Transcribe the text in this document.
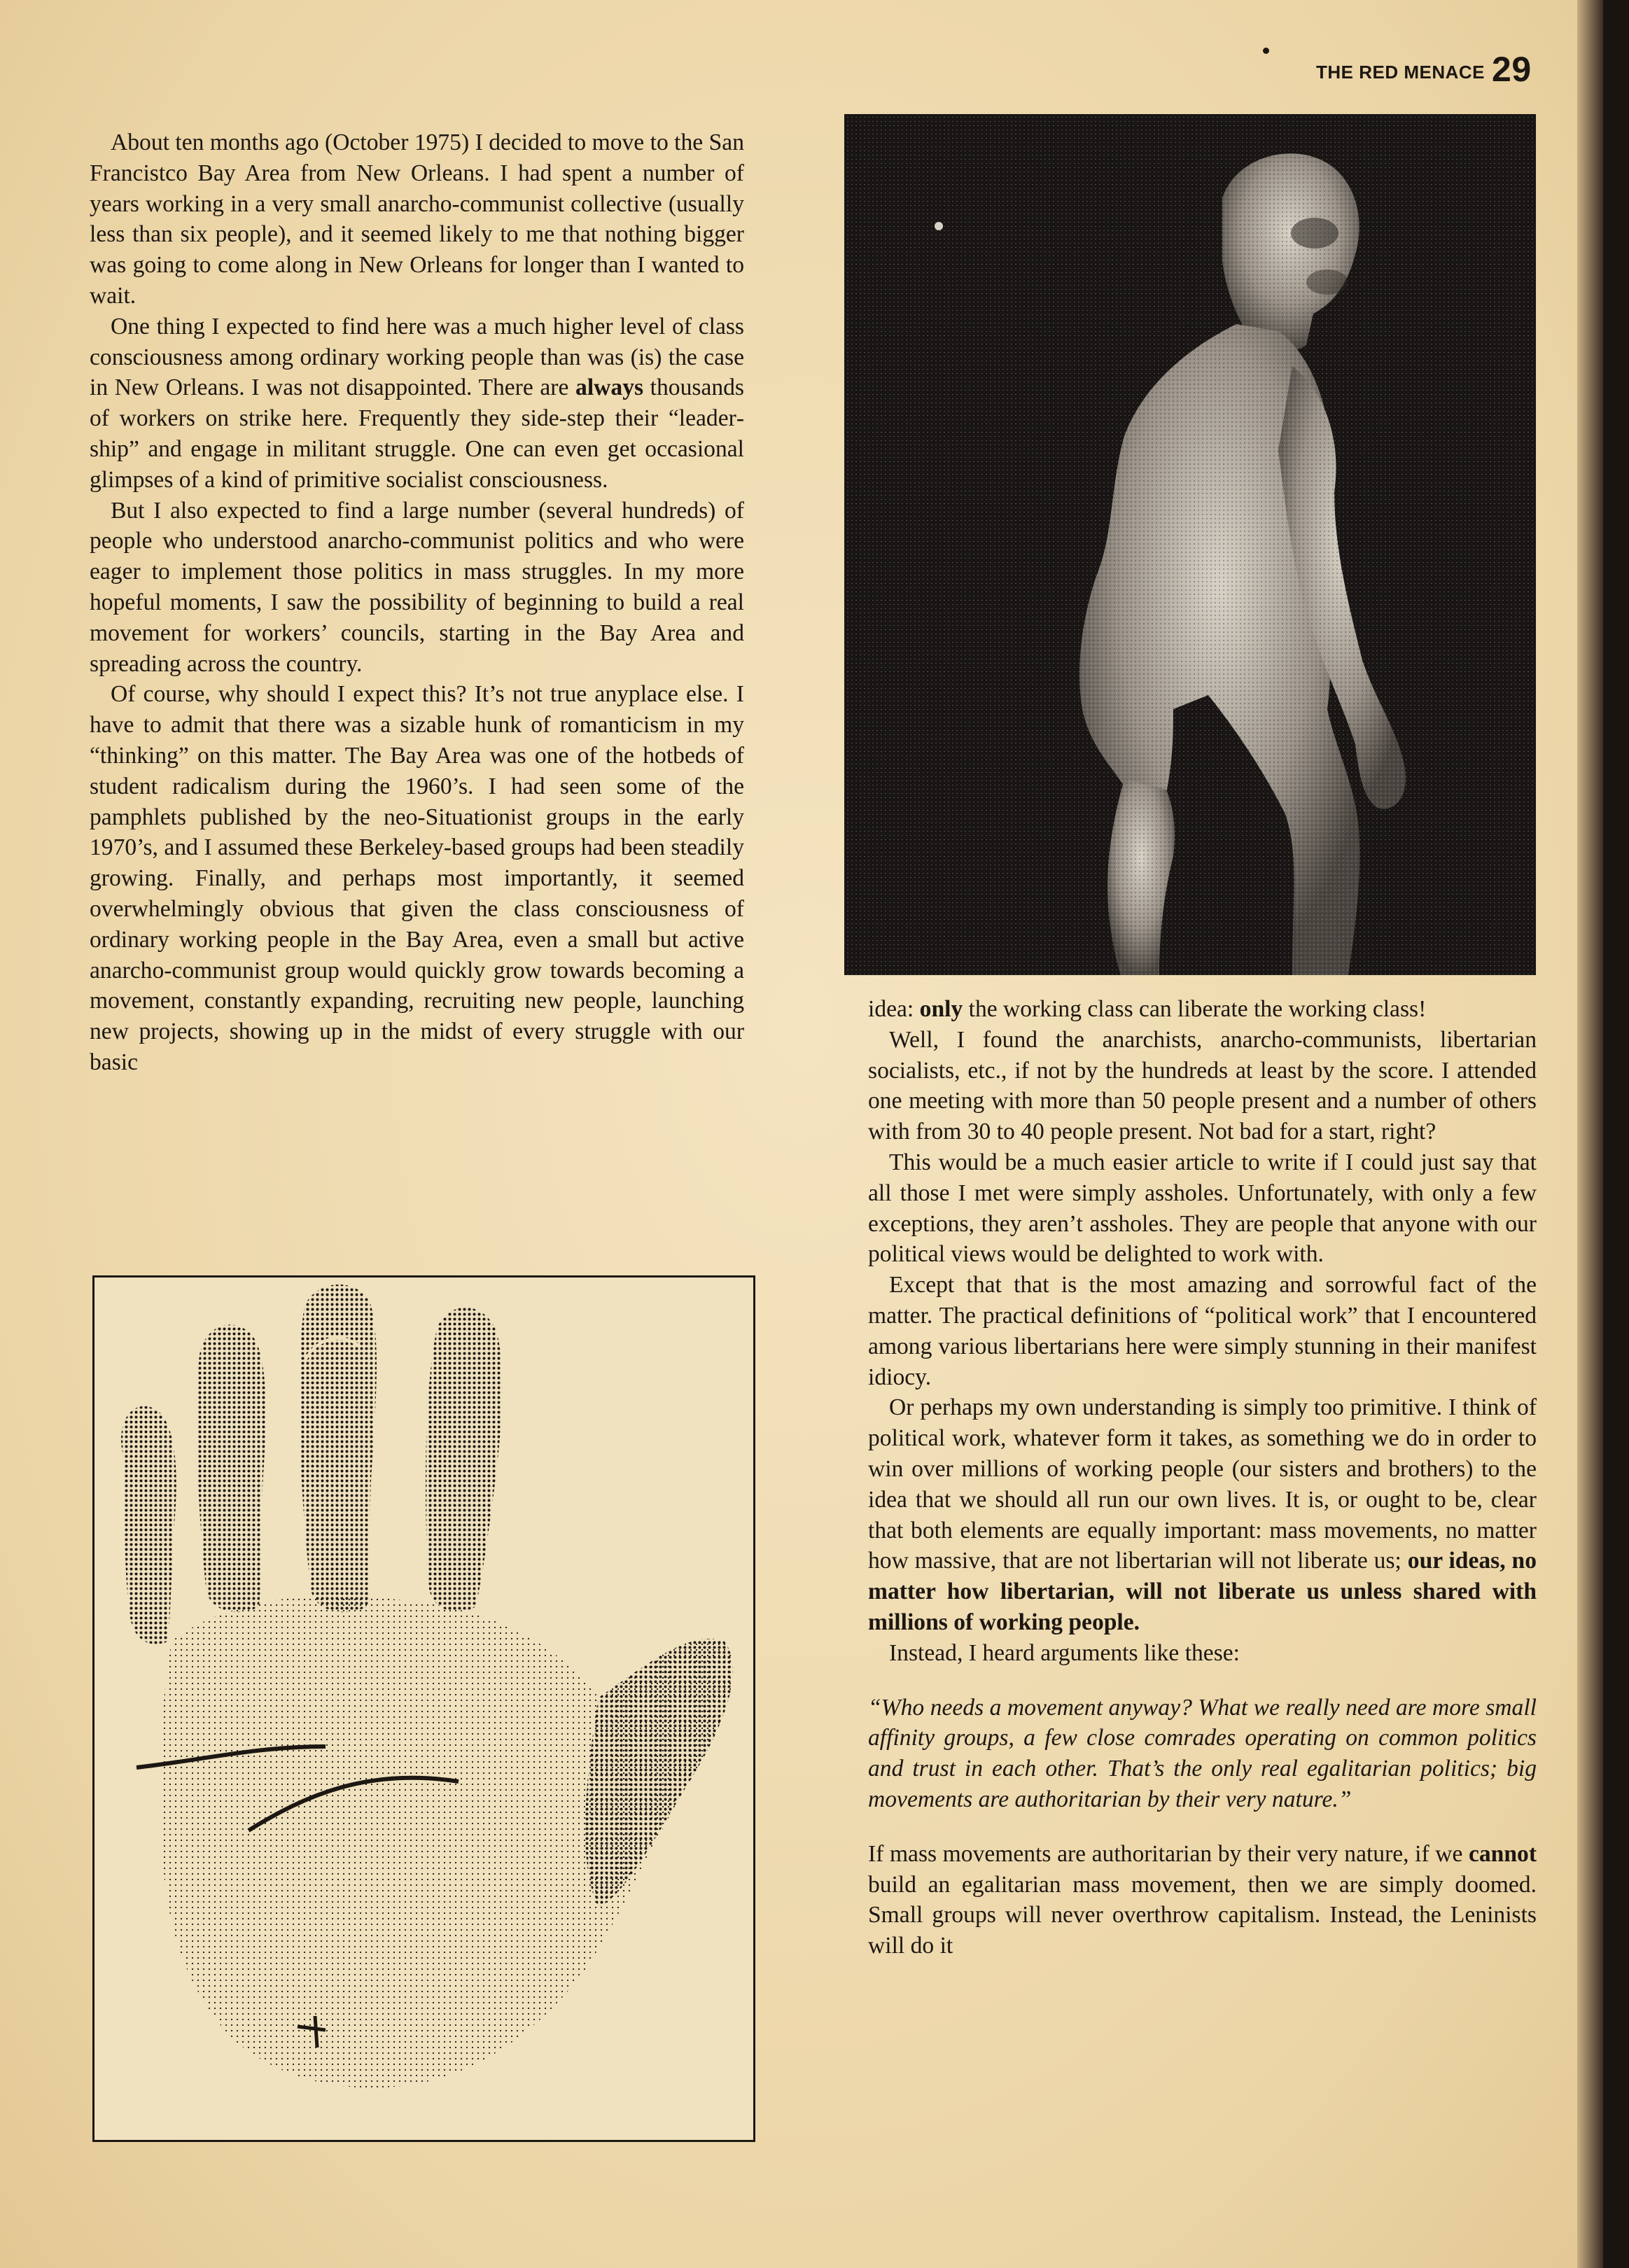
THE RED MENACE 29

About ten months ago (October 1975) I decided to move to the San Francistco Bay Area from New Orleans. I had spent a number of years working in a very small anarcho-communist collective (usually less than six people), and it seemed likely to me that nothing bigger was going to come along in New Orleans for longer than I wanted to wait.

One thing I expected to find here was a much higher level of class consciousness among ordinary working people than was (is) the case in New Orleans. I was not disappointed. There are always thousands of workers on strike here. Frequently they side-step their “leadership” and engage in militant struggle. One can even get occasional glimpses of a kind of primitive socialist consciousness.

But I also expected to find a large number (several hundreds) of people who understood anarcho-communist politics and who were eager to implement those politics in mass struggles. In my more hopeful moments, I saw the possibility of beginning to build a real movement for workers’ councils, starting in the Bay Area and spreading across the country.

Of course, why should I expect this? It’s not true anyplace else. I have to admit that there was a sizable hunk of romanticism in my “thinking” on this matter. The Bay Area was one of the hotbeds of student radicalism during the 1960’s. I had seen some of the pamphlets published by the neo-Situationist groups in the early 1970’s, and I assumed these Berkeley-based groups had been steadily growing. Finally, and perhaps most importantly, it seemed overwhelmingly obvious that given the class consciousness of ordinary working people in the Bay Area, even a small but active anarcho-communist group would quickly grow towards becoming a movement, constantly expanding, recruiting new people, launching new projects, showing up in the midst of every struggle with our basic

idea: only the working class can liberate the working class!

Well, I found the anarchists, anarcho-communists, libertarian socialists, etc., if not by the hundreds at least by the score. I attended one meeting with more than 50 people present and a number of others with from 30 to 40 people present. Not bad for a start, right?

This would be a much easier article to write if I could just say that all those I met were simply assholes. Unfortunately, with only a few exceptions, they aren’t assholes. They are people that anyone with our political views would be delighted to work with.

Except that that is the most amazing and sorrowful fact of the matter. The practical definitions of “political work” that I encountered among various libertarians here were simply stunning in their manifest idiocy.

Or perhaps my own understanding is simply too primitive. I think of political work, whatever form it takes, as something we do in order to win over millions of working people (our sisters and brothers) to the idea that we should all run our own lives. It is, or ought to be, clear that both elements are equally important: mass movements, no matter how massive, that are not libertarian will not liberate us; our ideas, no matter how libertarian, will not liberate us unless shared with millions of working people.

Instead, I heard arguments like these:

“Who needs a movement anyway? What we really need are more small affinity groups, a few close comrades operating on common politics and trust in each other. That’s the only real egalitarian politics; big movements are authoritarian by their very nature.”

If mass movements are authoritarian by their very nature, if we cannot build an egalitarian mass movement, then we are simply doomed. Small groups will never overthrow capitalism. Instead, the Leninists will do it
